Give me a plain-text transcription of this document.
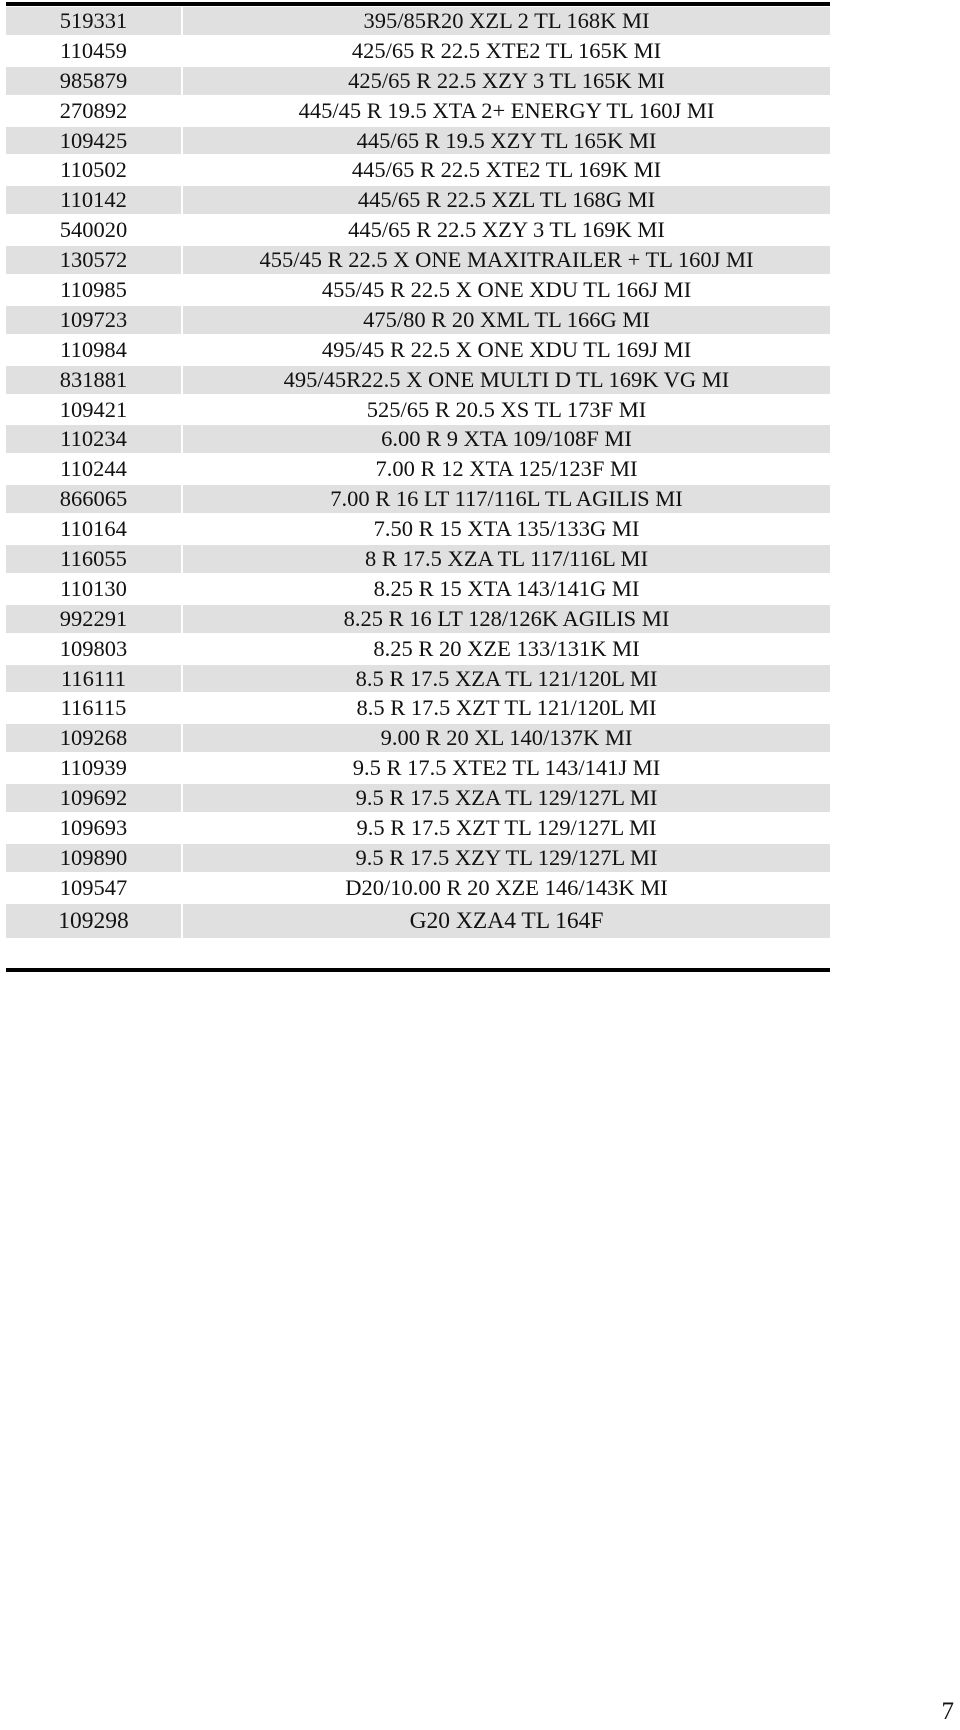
519331	395/85R20 XZL 2 TL 168K MI
110459	425/65 R 22.5 XTE2 TL 165K MI
985879	425/65 R 22.5 XZY 3 TL 165K MI
270892	445/45 R 19.5 XTA 2+ ENERGY TL 160J MI
109425	445/65 R 19.5 XZY TL 165K MI
110502	445/65 R 22.5 XTE2 TL 169K MI
110142	445/65 R 22.5 XZL TL 168G MI
540020	445/65 R 22.5 XZY 3 TL 169K MI
130572	455/45 R 22.5 X ONE MAXITRAILER + TL 160J MI
110985	455/45 R 22.5 X ONE XDU TL 166J MI
109723	475/80 R 20 XML TL 166G MI
110984	495/45 R 22.5 X ONE XDU TL 169J MI
831881	495/45R22.5 X ONE MULTI D TL 169K VG MI
109421	525/65 R 20.5 XS TL 173F MI
110234	6.00 R 9 XTA 109/108F MI
110244	7.00 R 12 XTA 125/123F MI
866065	7.00 R 16 LT 117/116L TL AGILIS MI
110164	7.50 R 15 XTA 135/133G MI
116055	8 R 17.5 XZA TL 117/116L MI
110130	8.25 R 15 XTA 143/141G MI
992291	8.25 R 16 LT 128/126K AGILIS MI
109803	8.25 R 20 XZE 133/131K MI
116111	8.5 R 17.5 XZA TL 121/120L MI
116115	8.5 R 17.5 XZT TL 121/120L MI
109268	9.00 R 20 XL 140/137K MI
110939	9.5 R 17.5 XTE2 TL 143/141J MI
109692	9.5 R 17.5 XZA TL 129/127L MI
109693	9.5 R 17.5 XZT TL 129/127L MI
109890	9.5 R 17.5 XZY TL 129/127L MI
109547	D20/10.00 R 20 XZE 146/143K MI
109298	G20 XZA4 TL 164F
7
